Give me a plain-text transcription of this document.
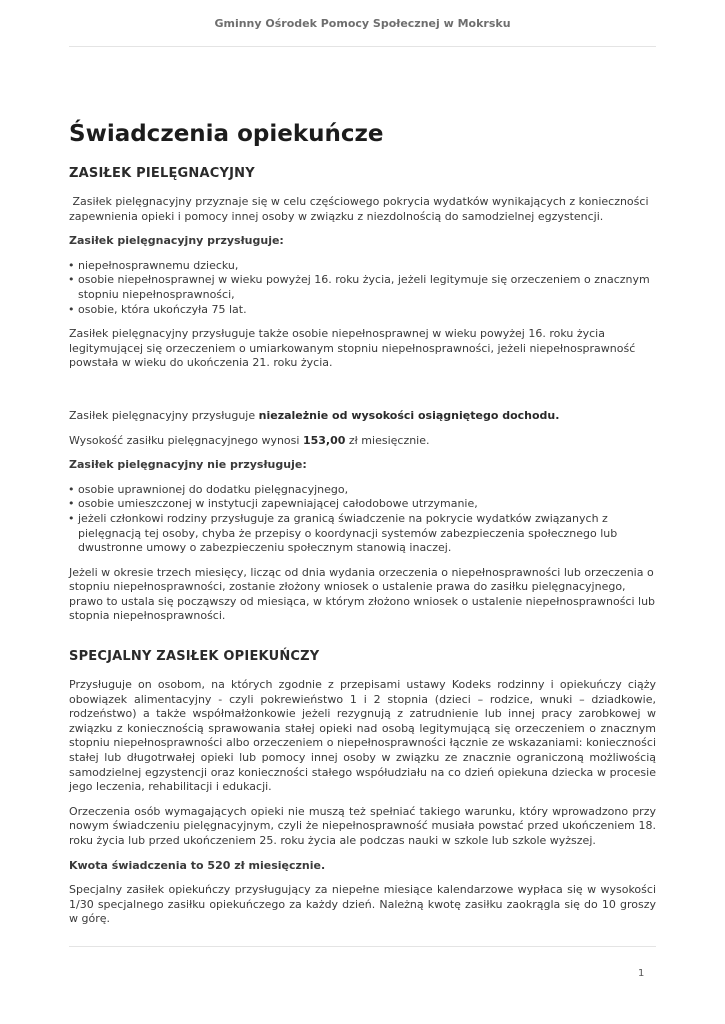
Gminny Ośrodek Pomocy Społecznej w Mokrsku
Świadczenia opiekuńcze
ZASIŁEK PIELĘGNACYJNY

Zasiłek pielęgnacyjny przyznaje się w celu częściowego pokrycia wydatków wynikających z konieczności zapewnienia opieki i pomocy innej osoby w związku z niezdolnością do samodzielnej egzystencji.

Zasiłek pielęgnacyjny przysługuje:

• niepełnosprawnemu dziecku,
• osobie niepełnosprawnej w wieku powyżej 16. roku życia, jeżeli legitymuje się orzeczeniem o znacznym stopniu niepełnosprawności,
• osobie, która ukończyła 75 lat.

Zasiłek pielęgnacyjny przysługuje także osobie niepełnosprawnej w wieku powyżej 16. roku życia legitymującej się orzeczeniem o umiarkowanym stopniu niepełnosprawności, jeżeli niepełnosprawność powstała w wieku do ukończenia 21. roku życia.

Zasiłek pielęgnacyjny przysługuje niezależnie od wysokości osiągniętego dochodu.

Wysokość zasiłku pielęgnacyjnego wynosi 153,00 zł miesięcznie.

Zasiłek pielęgnacyjny nie przysługuje:

• osobie uprawnionej do dodatku pielęgnacyjnego,
• osobie umieszczonej w instytucji zapewniającej całodobowe utrzymanie,
• jeżeli członkowi rodziny przysługuje za granicą świadczenie na pokrycie wydatków związanych z pielęgnacją tej osoby, chyba że przepisy o koordynacji systemów zabezpieczenia społecznego lub dwustronne umowy o zabezpieczeniu społecznym stanowią inaczej.

Jeżeli w okresie trzech miesięcy, licząc od dnia wydania orzeczenia o niepełnosprawności lub orzeczenia o stopniu niepełnosprawności, zostanie złożony wniosek o ustalenie prawa do zasiłku pielęgnacyjnego, prawo to ustala się począwszy od miesiąca, w którym złożono wniosek o ustalenie niepełnosprawności lub stopnia niepełnosprawności.

SPECJALNY ZASIŁEK OPIEKUŃCZY

Przysługuje on osobom, na których zgodnie z przepisami ustawy Kodeks rodzinny i opiekuńczy ciąży obowiązek alimentacyjny - czyli pokrewieństwo 1 i 2 stopnia (dzieci – rodzice, wnuki – dziadkowie, rodzeństwo) a także współmałżonkowie jeżeli rezygnują z zatrudnienie lub innej pracy zarobkowej w związku z koniecznością sprawowania stałej opieki nad osobą legitymującą się orzeczeniem o znacznym stopniu niepełnosprawności albo orzeczeniem o niepełnosprawności łącznie ze wskazaniami: konieczności stałej lub długotrwałej opieki lub pomocy innej osoby w związku ze znacznie ograniczoną możliwością samodzielnej egzystencji oraz konieczności stałego współudziału na co dzień opiekuna dziecka w procesie jego leczenia, rehabilitacji i edukacji.

Orzeczenia osób wymagających opieki nie muszą też spełniać takiego warunku, który wprowadzono przy nowym świadczeniu pielęgnacyjnym, czyli że niepełnosprawność musiała powstać przed ukończeniem 18. roku życia lub przed ukończeniem 25. roku życia ale podczas nauki w szkole lub szkole wyższej.

Kwota świadczenia to 520 zł miesięcznie.

Specjalny zasiłek opiekuńczy przysługujący za niepełne miesiące kalendarzowe wypłaca się w wysokości 1/30 specjalnego zasiłku opiekuńczego za każdy dzień. Należną kwotę zasiłku zaokrągla się do 10 groszy w górę.

1
